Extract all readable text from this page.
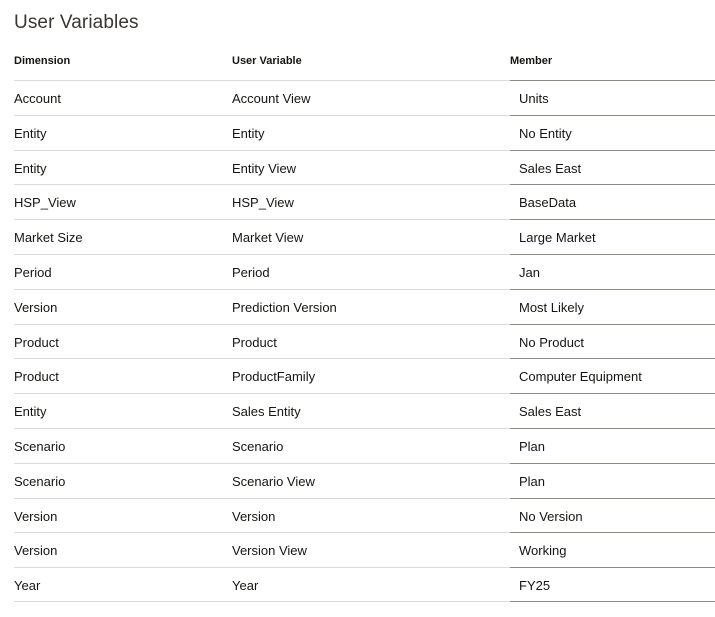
User Variables
Dimension	User Variable	Member
Account	Account View	Units
Entity	Entity	No Entity
Entity	Entity View	Sales East
HSP_View	HSP_View	BaseData
Market Size	Market View	Large Market
Period	Period	Jan
Version	Prediction Version	Most Likely
Product	Product	No Product
Product	ProductFamily	Computer Equipment
Entity	Sales Entity	Sales East
Scenario	Scenario	Plan
Scenario	Scenario View	Plan
Version	Version	No Version
Version	Version View	Working
Year	Year	FY25
